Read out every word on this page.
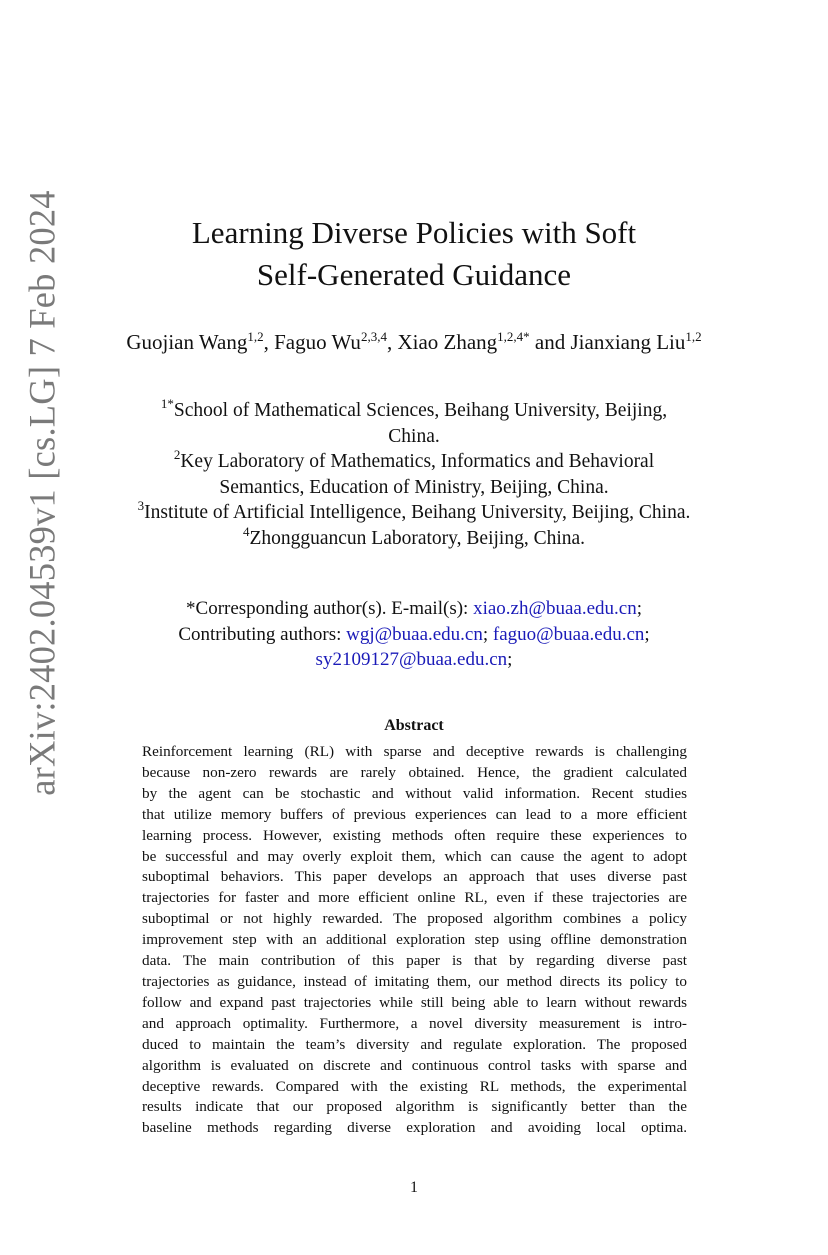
arXiv:2402.04539v1 [cs.LG] 7 Feb 2024	Learning Diverse Policies with Soft
Self-Generated Guidance
Guojian Wang$^{1,2}$, Faguo Wu$^{2,3,4}$, Xiao Zhang$^{1,2,4*}$ and Jianxiang Liu$^{1,2}$
$^{1*}$School of Mathematical Sciences, Beihang University, Beijing,
China.
$^2$Key Laboratory of Mathematics, Informatics and Behavioral
Semantics, Education of Ministry, Beijing, China.
$^3$Institute of Artificial Intelligence, Beihang University, Beijing, China.
$^4$Zhongguancun Laboratory, Beijing, China.
*Corresponding author(s). E-mail(s): xiao.zh@buaa.edu.cn;
Contributing authors: wgj@buaa.edu.cn; faguo@buaa.edu.cn;
sy2109127@buaa.edu.cn;
Abstract
Reinforcement learning (RL) with sparse and deceptive rewards is challenging
because non-zero rewards are rarely obtained. Hence, the gradient calculated
by the agent can be stochastic and without valid information. Recent studies
that utilize memory buffers of previous experiences can lead to a more efficient
learning process. However, existing methods often require these experiences to
be successful and may overly exploit them, which can cause the agent to adopt
suboptimal behaviors. This paper develops an approach that uses diverse past
trajectories for faster and more efficient online RL, even if these trajectories are
suboptimal or not highly rewarded. The proposed algorithm combines a policy
improvement step with an additional exploration step using offline demonstration
data. The main contribution of this paper is that by regarding diverse past
trajectories as guidance, instead of imitating them, our method directs its policy to
follow and expand past trajectories while still being able to learn without rewards
and approach optimality. Furthermore, a novel diversity measurement is intro-
duced to maintain the team’s diversity and regulate exploration. The proposed
algorithm is evaluated on discrete and continuous control tasks with sparse and
deceptive rewards. Compared with the existing RL methods, the experimental
results indicate that our proposed algorithm is significantly better than the
baseline methods regarding diverse exploration and avoiding local optima.
1
